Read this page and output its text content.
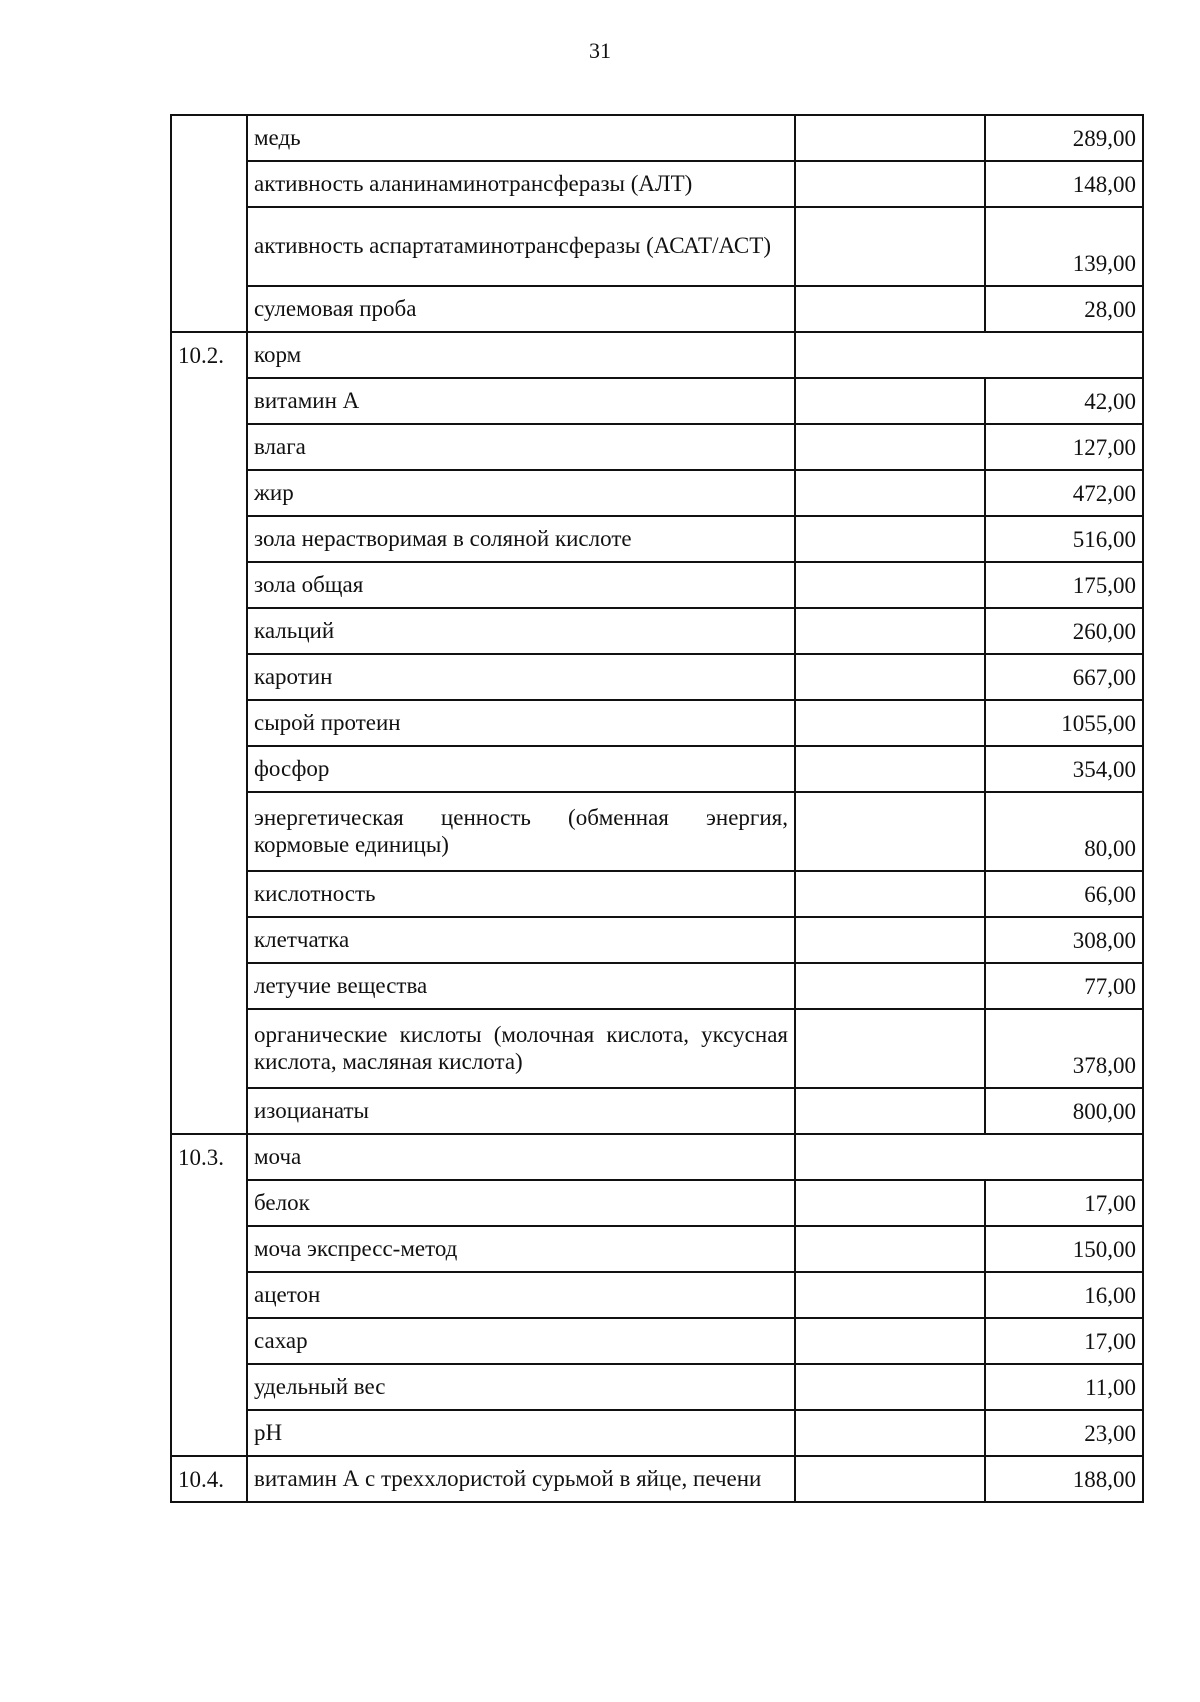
31
	медь		289,00
	активность аланинаминотрансферазы (АЛТ)		148,00
	активность аспартатаминотрансферазы (АСАТ/АСТ)		139,00
	сулемовая проба		28,00
10.2.	корм		
	витамин А		42,00
	влага		127,00
	жир		472,00
	зола нерастворимая в соляной кислоте		516,00
	зола общая		175,00
	кальций		260,00
	каротин		667,00
	сырой протеин		1055,00
	фосфор		354,00
	энергетическая ценность (обменная энергия, кормовые единицы)		80,00
	кислотность		66,00
	клетчатка		308,00
	летучие вещества		77,00
	органические кислоты (молочная кислота, уксусная кислота, масляная кислота)		378,00
	изоцианаты		800,00
10.3.	моча		
	белок		17,00
	моча экспресс-метод		150,00
	ацетон		16,00
	сахар		17,00
	удельный вес		11,00
	рН		23,00
10.4.	витамин А с треххлористой сурьмой в яйце, печени		188,00
